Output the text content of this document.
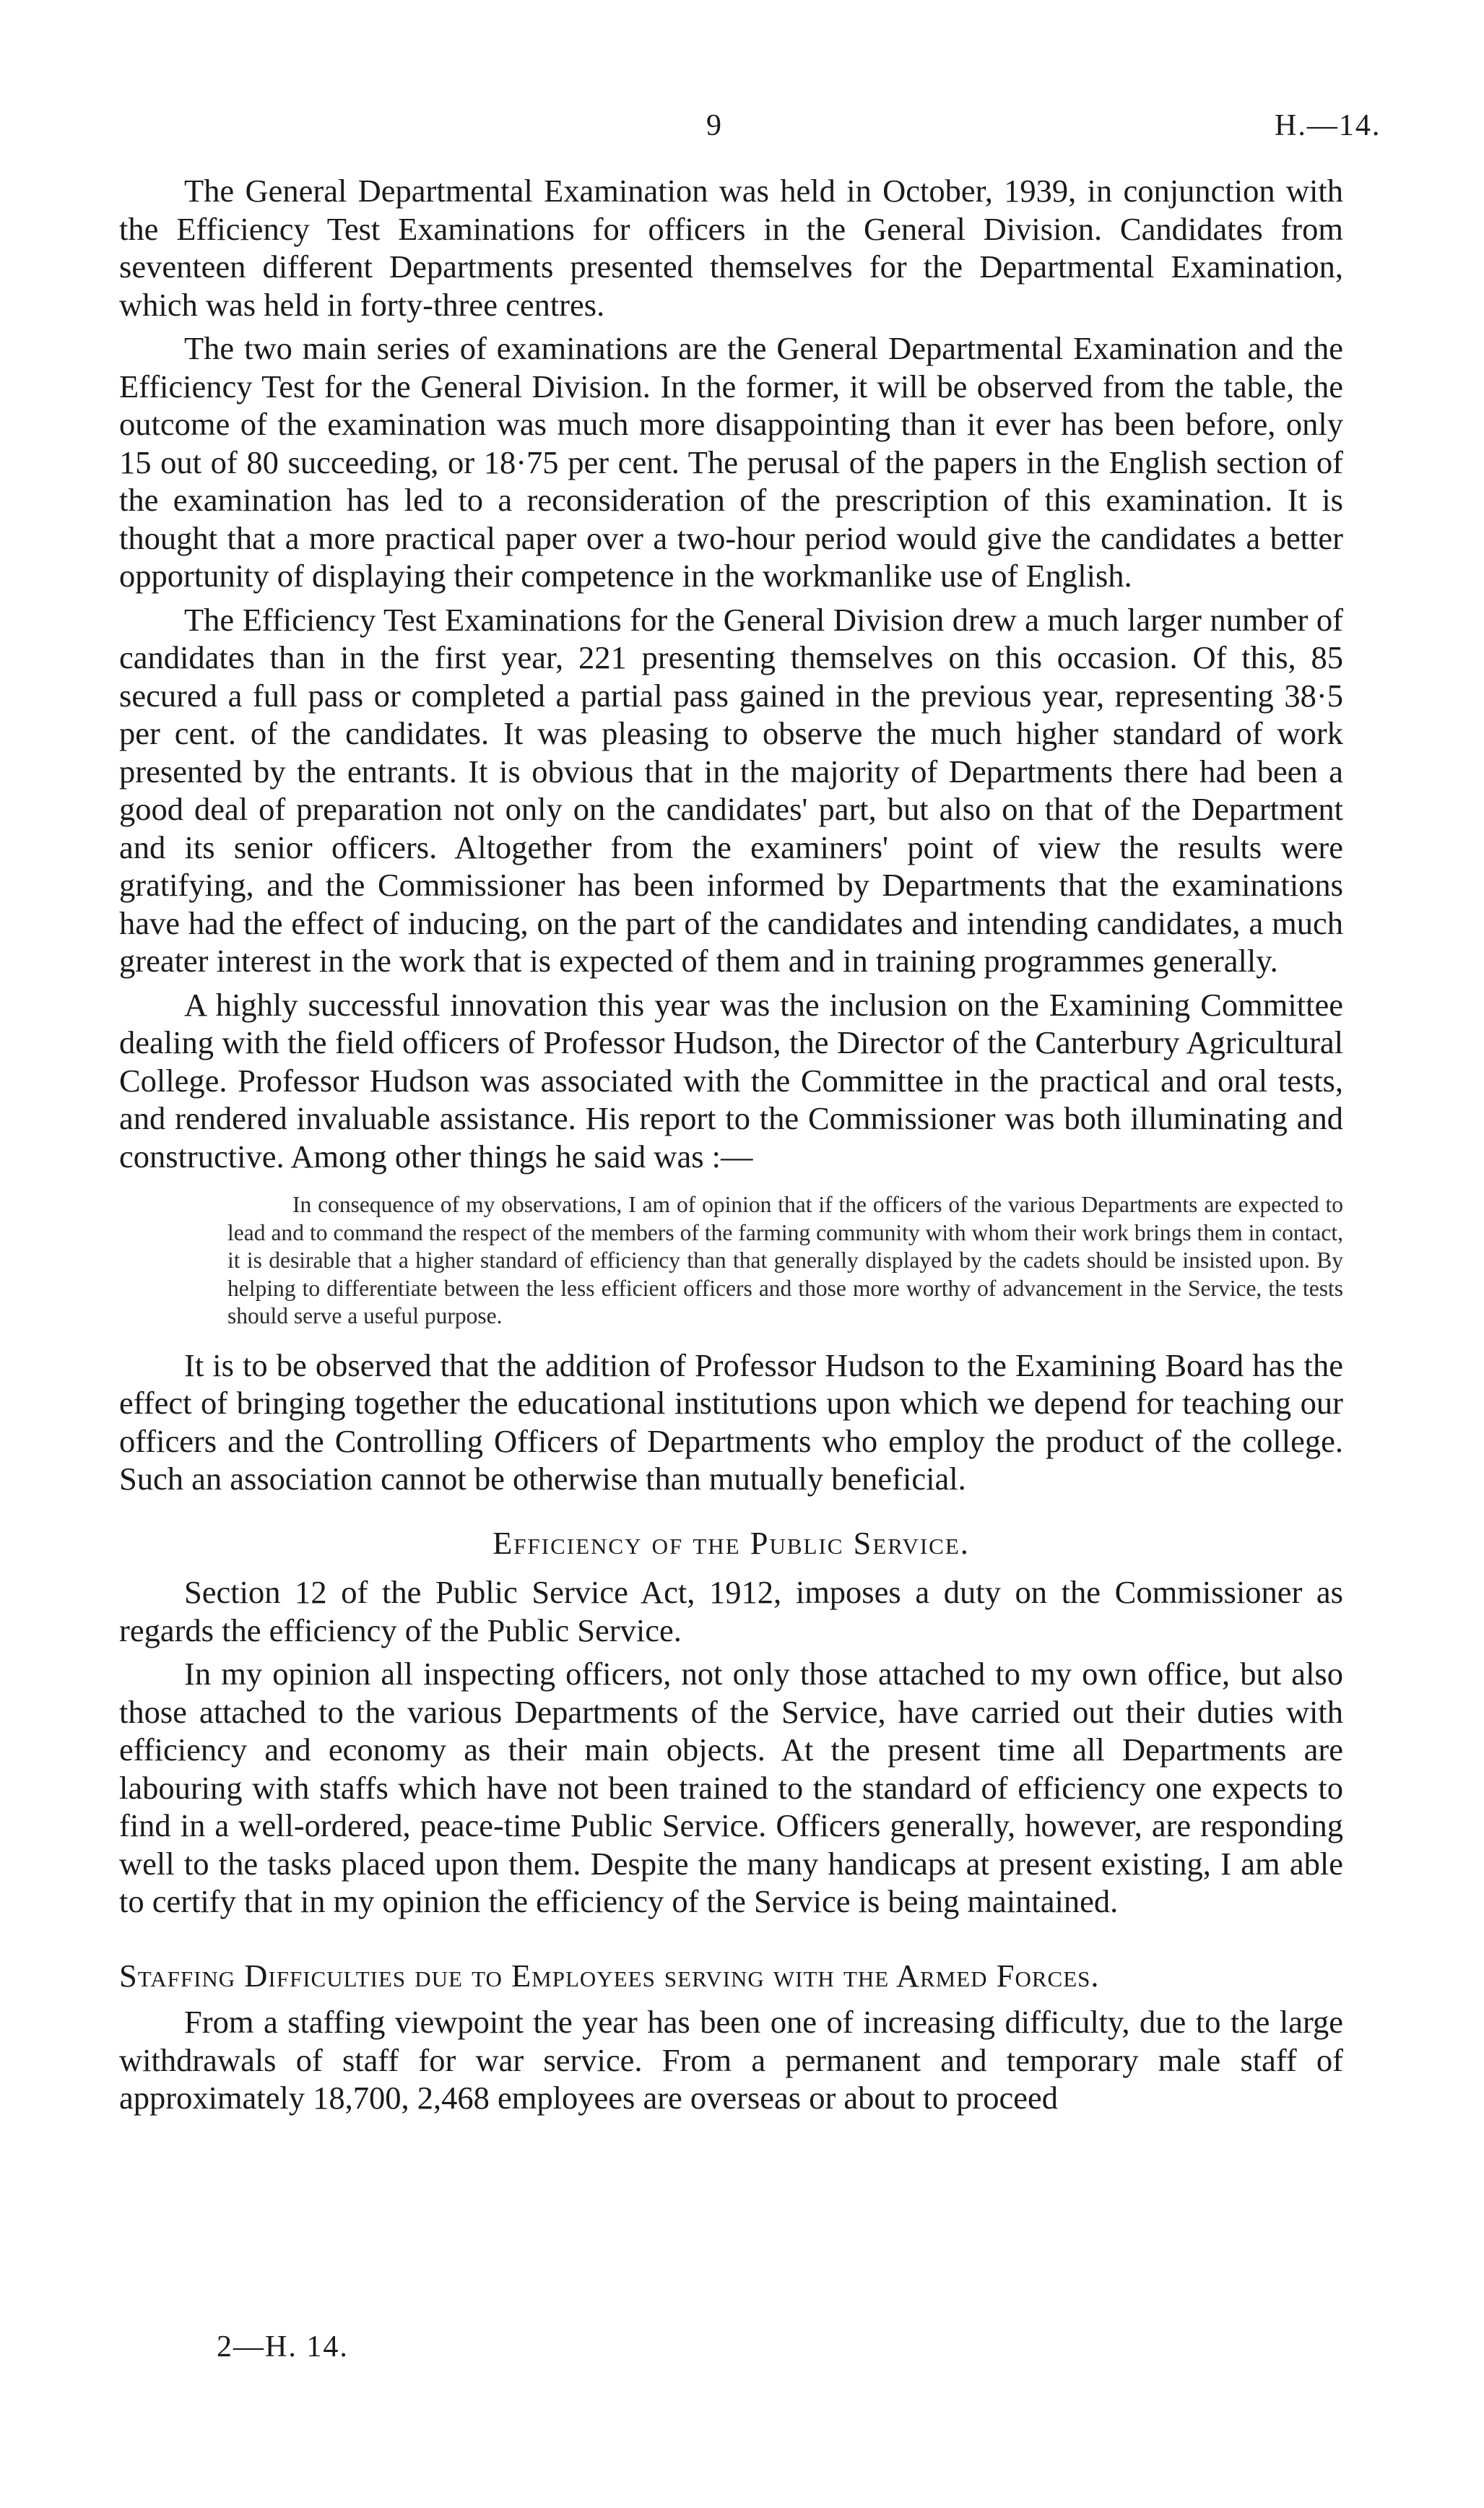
9	H.—14.

The General Departmental Examination was held in October, 1939, in conjunction with the Efficiency Test Examinations for officers in the General Division. Candidates from seventeen different Departments presented themselves for the Departmental Examination, which was held in forty-three centres.

The two main series of examinations are the General Departmental Examination and the Efficiency Test for the General Division. In the former, it will be observed from the table, the outcome of the examination was much more disappointing than it ever has been before, only 15 out of 80 succeeding, or 18·75 per cent. The perusal of the papers in the English section of the examination has led to a reconsideration of the prescription of this examination. It is thought that a more practical paper over a two-hour period would give the candidates a better opportunity of displaying their competence in the workmanlike use of English.

The Efficiency Test Examinations for the General Division drew a much larger number of candidates than in the first year, 221 presenting themselves on this occasion. Of this, 85 secured a full pass or completed a partial pass gained in the previous year, representing 38·5 per cent. of the candidates. It was pleasing to observe the much higher standard of work presented by the entrants. It is obvious that in the majority of Departments there had been a good deal of preparation not only on the candidates' part, but also on that of the Department and its senior officers. Altogether from the examiners' point of view the results were gratifying, and the Commissioner has been informed by Departments that the examinations have had the effect of inducing, on the part of the candidates and intending candidates, a much greater interest in the work that is expected of them and in training programmes generally.

A highly successful innovation this year was the inclusion on the Examining Committee dealing with the field officers of Professor Hudson, the Director of the Canterbury Agricultural College. Professor Hudson was associated with the Committee in the practical and oral tests, and rendered invaluable assistance. His report to the Commissioner was both illuminating and constructive. Among other things he said was :—

In consequence of my observations, I am of opinion that if the officers of the various Departments are expected to lead and to command the respect of the members of the farming community with whom their work brings them in contact, it is desirable that a higher standard of efficiency than that generally displayed by the cadets should be insisted upon. By helping to differentiate between the less efficient officers and those more worthy of advancement in the Service, the tests should serve a useful purpose.

It is to be observed that the addition of Professor Hudson to the Examining Board has the effect of bringing together the educational institutions upon which we depend for teaching our officers and the Controlling Officers of Departments who employ the product of the college. Such an association cannot be otherwise than mutually beneficial.

Efficiency of the Public Service.

Section 12 of the Public Service Act, 1912, imposes a duty on the Commissioner as regards the efficiency of the Public Service.

In my opinion all inspecting officers, not only those attached to my own office, but also those attached to the various Departments of the Service, have carried out their duties with efficiency and economy as their main objects. At the present time all Departments are labouring with staffs which have not been trained to the standard of efficiency one expects to find in a well-ordered, peace-time Public Service. Officers generally, however, are responding well to the tasks placed upon them. Despite the many handicaps at present existing, I am able to certify that in my opinion the efficiency of the Service is being maintained.

Staffing Difficulties due to Employees serving with the Armed Forces.

From a staffing viewpoint the year has been one of increasing difficulty, due to the large withdrawals of staff for war service. From a permanent and temporary male staff of approximately 18,700, 2,468 employees are overseas or about to proceed

2—H. 14.
